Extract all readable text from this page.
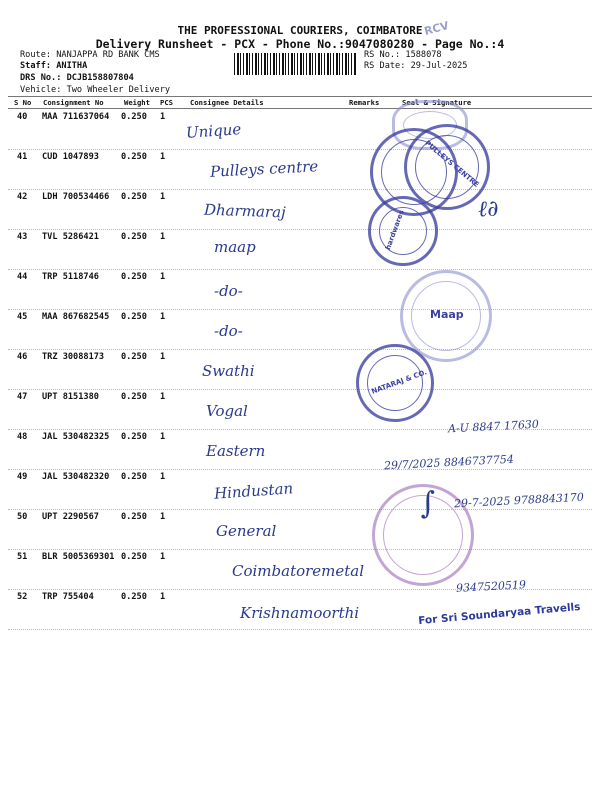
THE PROFESSIONAL COURIERS, COIMBATORE
Delivery Runsheet - PCX - Phone No.:9047080280 - Page No.:4
Route: NANJAPPA RD BANK CMS
Staff: ANITHA
DRS No.: DCJB158807804
Vehicle: Two Wheeler Delivery
RS No.: 1588078
RS Date: 29-Jul-2025
S No Consignment No	Weight PCS Consignee Details	Remarks	Seal & Signature
40 MAA 711637064 0.250 1
Unique
41 CUD 1047893	0.250 1
Pulleys centre
42 LDH 700534466 0.250 1
Dharmaraj
43 TVL 5286421	0.250 1
maap
44 TRP 5118746	0.250 1
-do-
45 MAA 867682545 0.250 1
-do-
46 TRZ 30088173 0.250 1
Swathi
47 UPT 8151380	0.250 1
Vogal
48 JAL 530482325 0.250 1
Eastern
49 JAL 530482320 0.250 1
Hindustan
50 UPT 2290567	0.250 1
General
51 BLR 5005369301 0.250 1
Coimbatoremetal
52 TRP 755404	0.250 1
Krishnamoorthi
PULLEYS CENTRE
hardwares
Maap
NATARAJ & CO.
RCV
A-U 8847 17630
29/7/2025 8846737754
29-7-2025 9788843170
9347520519
ℓ∂
∫
For Sri Soundaryaa Travells
